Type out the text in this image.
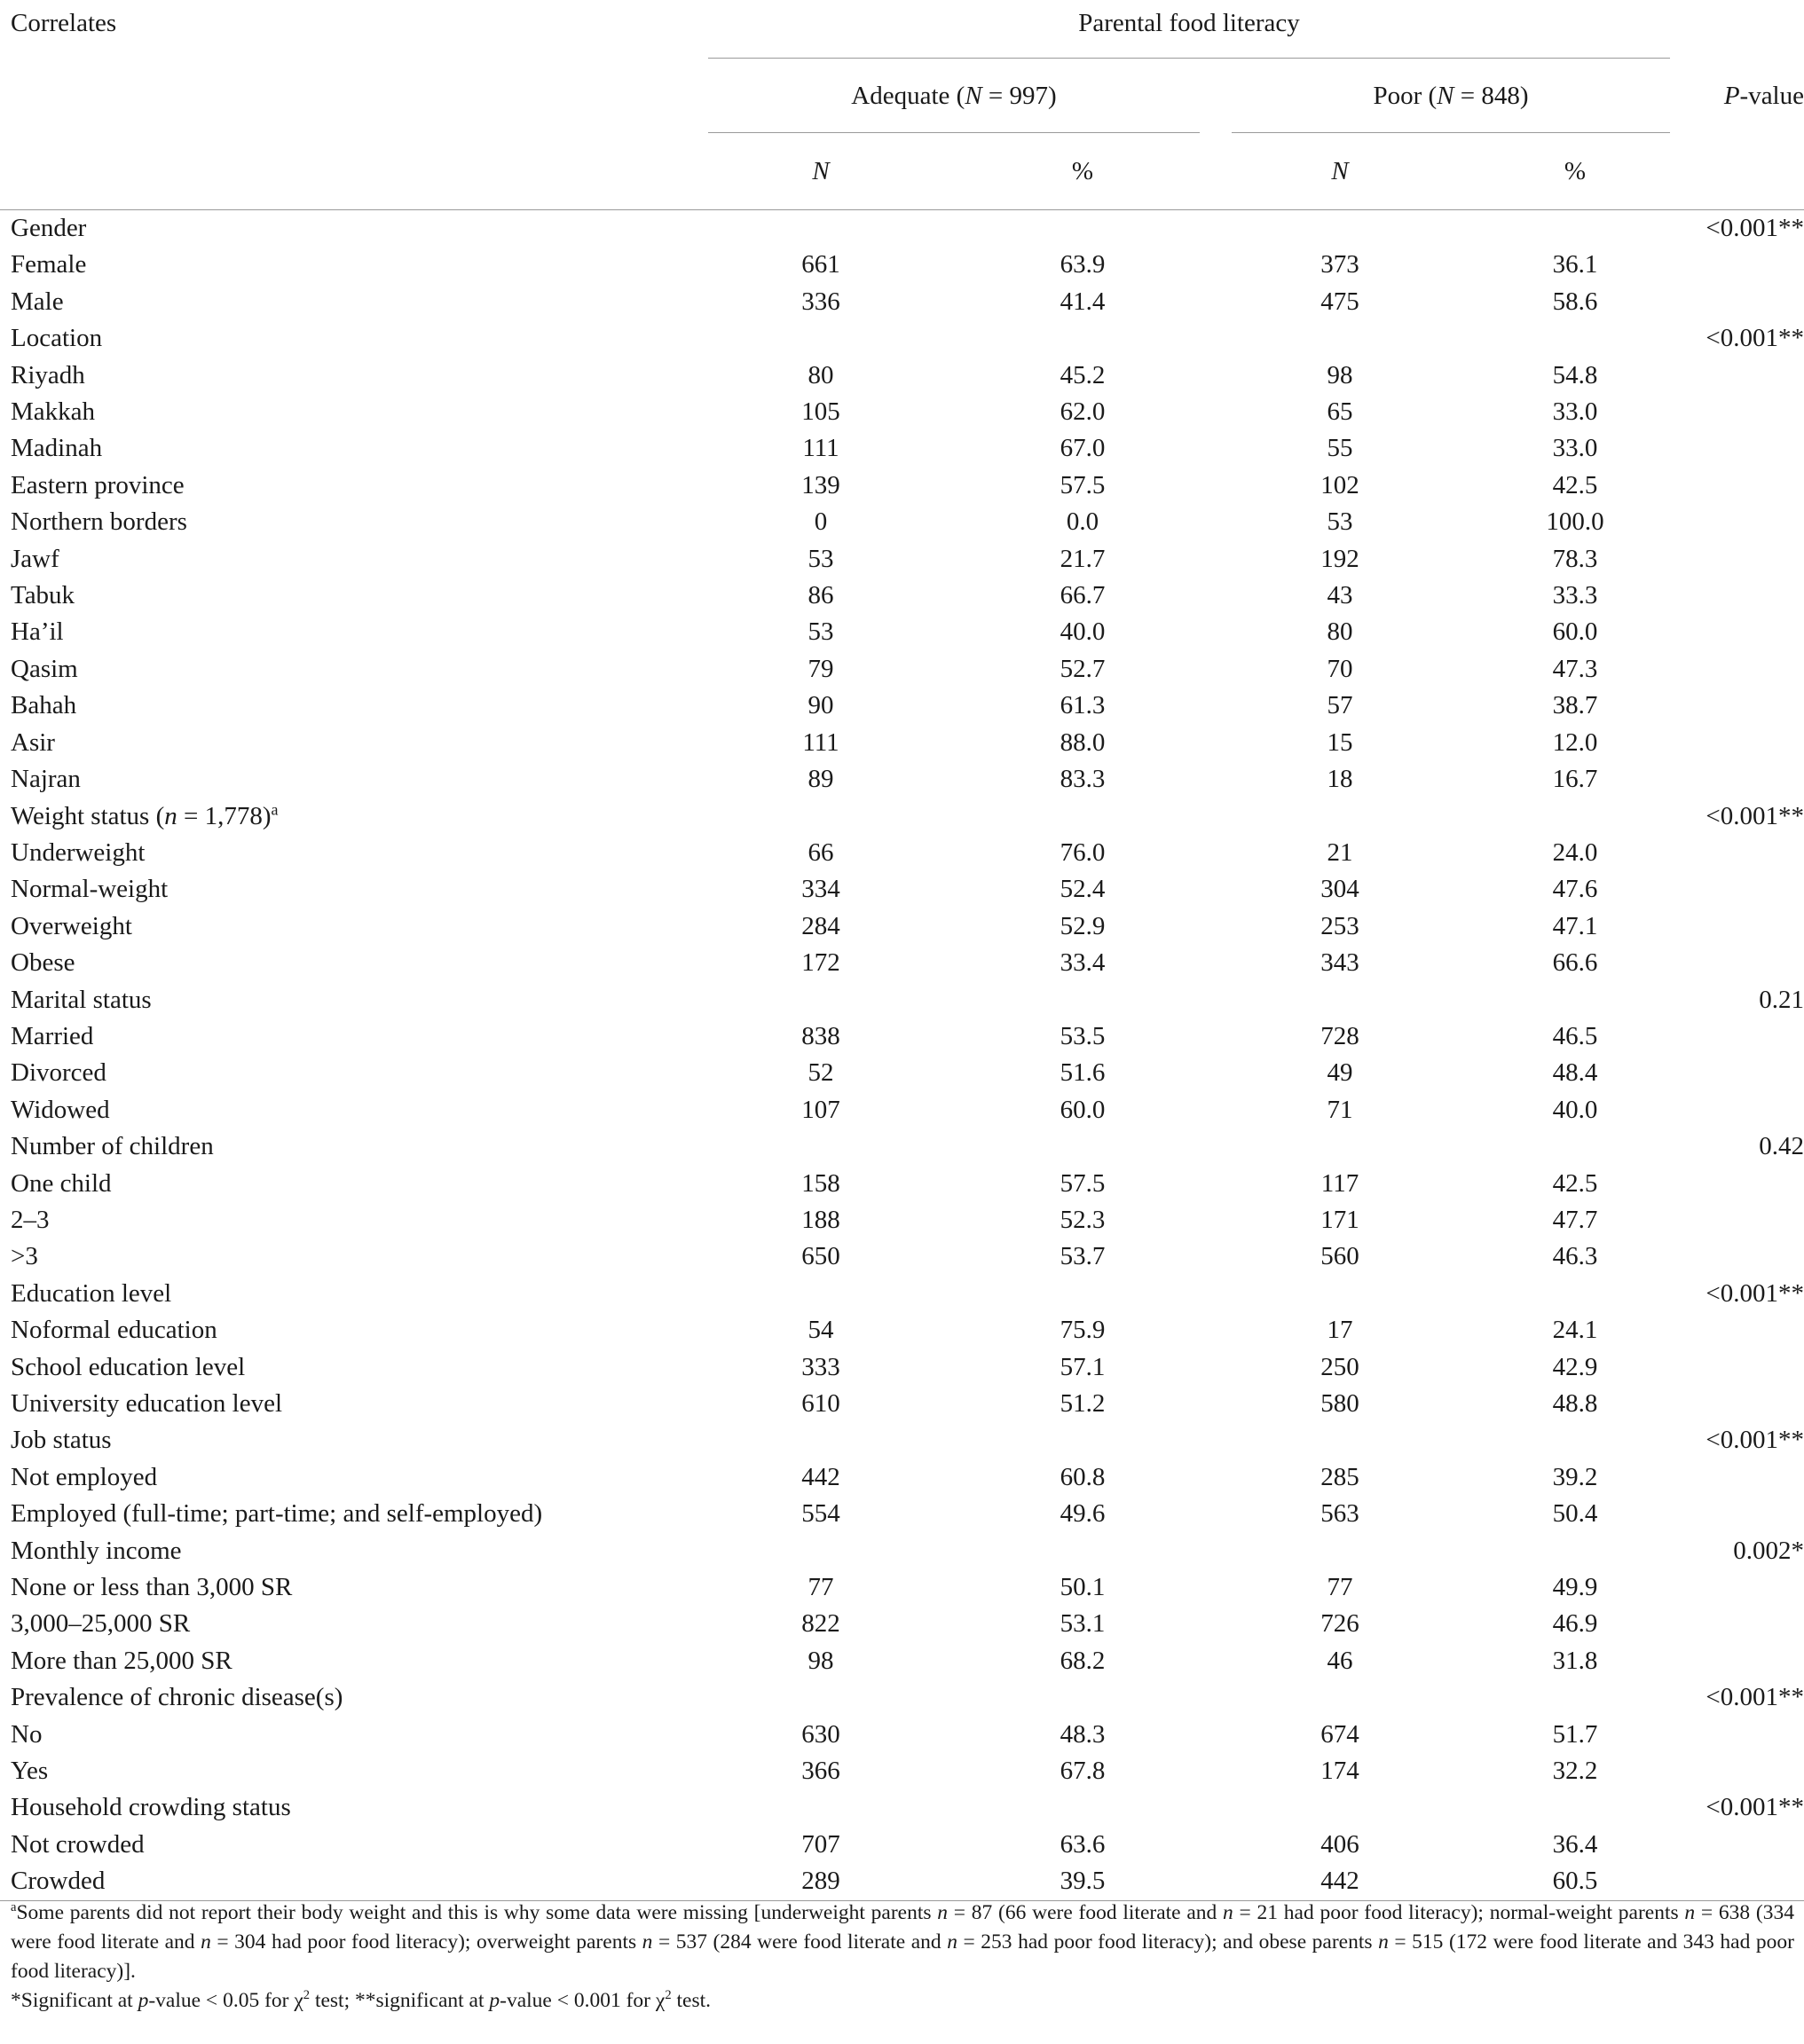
Correlates	Parental food literacy				

	Adequate (N = 997)		Poor (N = 848)		P-value
	N	%	N	%	
Gender					<0.001**
Female	661	63.9	373	36.1	
Male	336	41.4	475	58.6	
Location					<0.001**
Riyadh	80	45.2	98	54.8	
Makkah	105	62.0	65	33.0	
Madinah	111	67.0	55	33.0	
Eastern province	139	57.5	102	42.5	
Northern borders	0	0.0	53	100.0	
Jawf	53	21.7	192	78.3	
Tabuk	86	66.7	43	33.3	
Ha’il	53	40.0	80	60.0	
Qasim	79	52.7	70	47.3	
Bahah	90	61.3	57	38.7	
Asir	111	88.0	15	12.0	
Najran	89	83.3	18	16.7	
Weight status (n = 1,778)$^a$					<0.001**
Underweight	66	76.0	21	24.0	
Normal-weight	334	52.4	304	47.6	
Overweight	284	52.9	253	47.1	
Obese	172	33.4	343	66.6	
Marital status					0.21
Married	838	53.5	728	46.5	
Divorced	52	51.6	49	48.4	
Widowed	107	60.0	71	40.0	
Number of children					0.42
One child	158	57.5	117	42.5	
2–3	188	52.3	171	47.7	
>3	650	53.7	560	46.3	
Education level					<0.001**
Noformal education	54	75.9	17	24.1	
School education level	333	57.1	250	42.9	
University education level	610	51.2	580	48.8	
Job status					<0.001**
Not employed	442	60.8	285	39.2	
Employed (full-time; part-time; and self-employed)	554	49.6	563	50.4	
Monthly income					0.002*
None or less than 3,000 SR	77	50.1	77	49.9	
3,000–25,000 SR	822	53.1	726	46.9	
More than 25,000 SR	98	68.2	46	31.8	
Prevalence of chronic disease(s)					<0.001**
No	630	48.3	674	51.7	
Yes	366	67.8	174	32.2	
Household crowding status					<0.001**
Not crowded	707	63.6	406	36.4	
Crowded	289	39.5	442	60.5	

$^a$Some parents did not report their body weight and this is why some data were missing [underweight parents n = 87 (66 were food literate and n = 21 had poor food literacy); normal-weight parents n = 638 (334 were food literate and n = 304 had poor food literacy); overweight parents n = 537 (284 were food literate and n = 253 had poor food literacy); and obese parents n = 515 (172 were food literate and 343 had poor food literacy)].

*Significant at p-value < 0.05 for $\chi^2$ test; **significant at p-value < 0.001 for $\chi^2$ test.
